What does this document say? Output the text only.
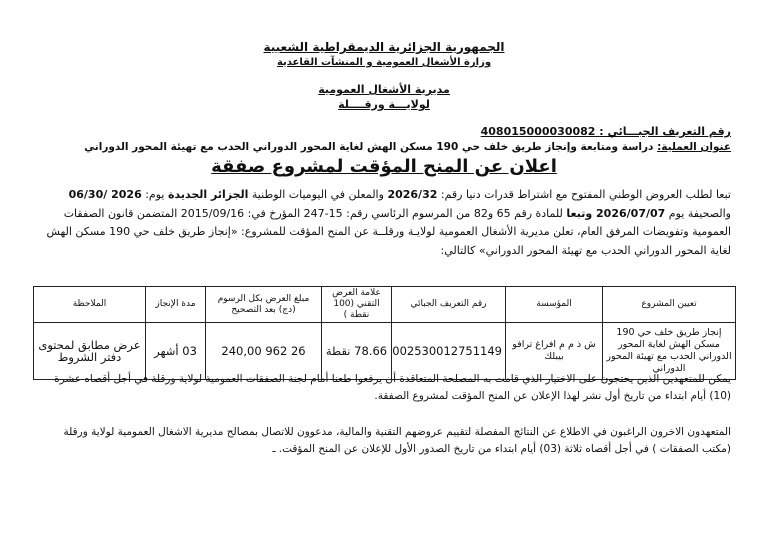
الجمهورية الجزائرية الديمقراطية الشعبية
وزارة الأشغال العمومية و المنشآت القاعدية
مديرية الأشغال العمومية
لولايـــة ورقــــلة
رقم التعريف الجبـــائي : 408015000030082
عنوان العملية: دراسة ومتابعة وإنجاز طريق خلف حي 190 مسكن الهش لغاية المحور الدوراني الحدب مع تهيئة المحور الدوراني
اعلان عن المنح المؤقت لمشروع صفقة
تبعا لطلب العروض الوطني المفتوح مع اشتراط قدرات دنيا رقم: 2026/32 والمعلن في اليوميات الوطنية الجزائر الجديدة يوم: 2026 /06/30 والصحيفة يوم 2026/07/07 وتبعا للمادة رقم 65 و82 من المرسوم الرئاسي رقم: 15-247 المؤرخ في: 2015/09/16 المتضمن قانون الصفقات العمومية وتفويضات المرفق العام، تعلن مديرية الأشغال العمومية لولايـة ورقلــة عن المنح المؤقت للمشروع: «إنجاز طريق خلف حي 190 مسكن الهش لغاية المحور الدوراني الحدب مع تهيئة المحور الدوراني» كالتالي:
تعيين المشروع	المؤسسة	رقم التعريف الجبائي	علامة العرض التقني (100 نقطة )	مبلغ العرض بكل الرسوم (دج) بعد التصحيح	مدة الإنجاز	الملاحظة
إنجاز طريق خلف حي 190 مسكن الهش لغاية المحور الدوراني الحدب مع تهيئة المحور الدوراني	ش ذ م م افراغ ترافو بيبلك	002530012751149	78.66 نقطة	26 962 240,00	03 أشهر	عرض مطابق لمحتوى دفتر الشروط
يمكن للمتعهدين الذين يحتجون على الاختيار الذي قامت به المصلحة المتعاقدة أن يرفعوا طعنا أمام لجنة الصفقات العمومية لولاية ورقلة في أجل أقصاه عشرة (10) أيام ابتداء من تاريخ أول نشر لهذا الإعلان عن المنح المؤقت لمشروع الصفقة.
المتعهدون الاخرون الراغبون في الاطلاع عن النتائج المفصلة لتقييم عروضهم التقنية والمالية، مدعوون للاتصال بمصالح مديرية الاشغال العمومية لولاية ورقلة (مكتب الصفقات ) في أجل أقصاه ثلاثة (03) أيام ابتداء من تاريخ الصدور الأول للإعلان عن المنح المؤقت. ـ
